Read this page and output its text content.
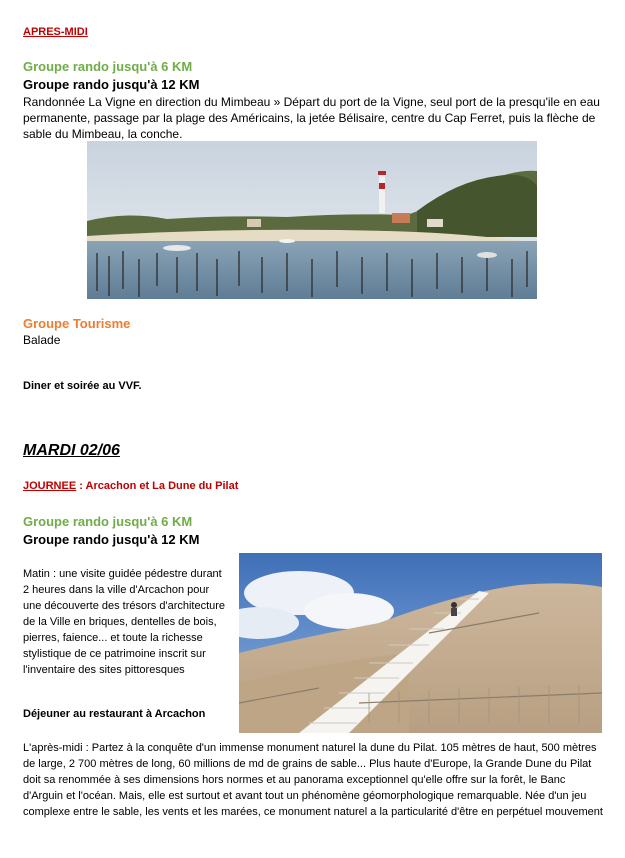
APRES-MIDI
Groupe rando jusqu'à 6 KM
Groupe rando jusqu'à 12 KM
Randonnée La Vigne en direction du Mimbeau » Départ du port de la Vigne, seul port de la presqu'ile en eau permanente, passage par la plage des Américains, la jetée Bélisaire, centre du Cap Ferret, puis la flèche de sable du Mimbeau, la conche.
Groupe Tourisme
Balade
Diner et soirée au VVF.
MARDI 02/06
JOURNEE : Arcachon et La Dune du Pilat
Groupe rando jusqu'à 6 KM
Groupe rando jusqu'à 12 KM
Matin : une visite guidée pédestre durant 2 heures dans la ville d'Arcachon pour une découverte des trésors d'architecture de la Ville en briques, dentelles de bois, pierres, faience... et toute la richesse stylistique de ce patrimoine inscrit sur l'inventaire des sites pittoresques
Déjeuner au restaurant à Arcachon
L'après-midi : Partez à la conquête d'un immense monument naturel la dune du Pilat. 105 mètres de haut, 500 mètres de large, 2 700 mètres de long, 60 millions de md de grains de sable... Plus haute d'Europe, la Grande Dune du Pilat doit sa renommée à ses dimensions hors normes et au panorama exceptionnel qu'elle offre sur la forêt, le Banc d'Arguin et l'océan. Mais, elle est surtout et avant tout un phénomène géomorphologique remarquable. Née d'un jeu complexe entre le sable, les vents et les marées, ce monument naturel a la particularité d'être en perpétuel mouvement
